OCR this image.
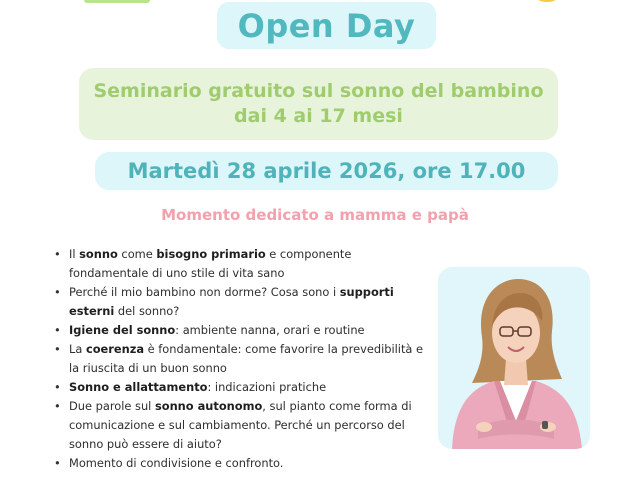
Open Day
Seminario gratuito sul sonno del bambino
dai 4 ai 17 mesi
Martedì 28 aprile 2026, ore 17.00
Momento dedicato a mamma e papà
• Il sonno come bisogno primario e componente fondamentale di uno stile di vita sano
• Perché il mio bambino non dorme? Cosa sono i supporti esterni del sonno?
• Igiene del sonno: ambiente nanna, orari e routine
• La coerenza è fondamentale: come favorire la prevedibilità e la riuscita di un buon sonno
• Sonno e allattamento: indicazioni pratiche
• Due parole sul sonno autonomo, sul pianto come forma di comunicazione e sul cambiamento. Perché un percorso del sonno può essere di aiuto?
• Momento di condivisione e confronto.
